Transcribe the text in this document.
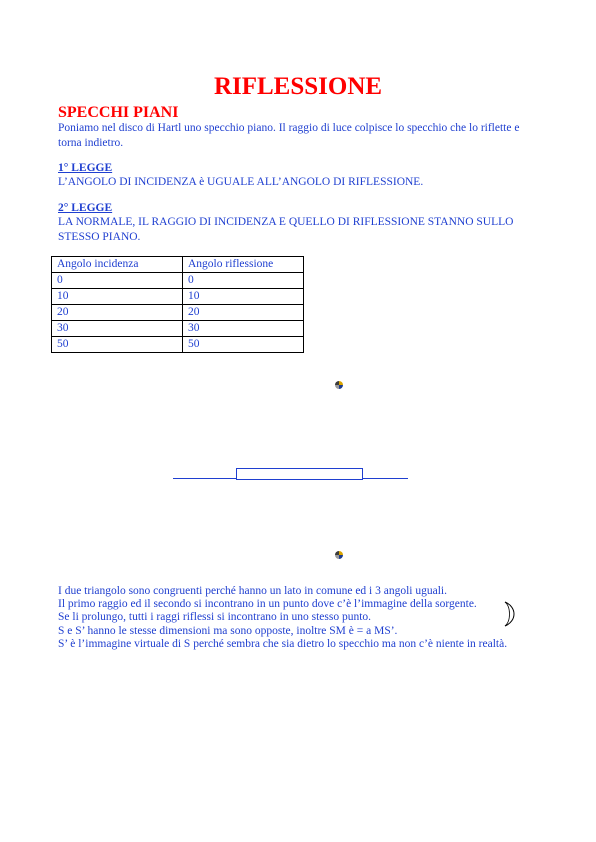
RIFLESSIONE
SPECCHI PIANI
Poniamo nel disco di Hartl uno specchio piano. Il raggio di luce colpisce lo specchio che lo riflette e
torna indietro.
1° LEGGE
L’ANGOLO DI INCIDENZA è UGUALE ALL’ANGOLO DI RIFLESSIONE.
2° LEGGE
LA NORMALE, IL RAGGIO DI INCIDENZA E QUELLO DI RIFLESSIONE STANNO SULLO
STESSO PIANO.
Angolo incidenza	Angolo riflessione
0	0
10	10
20	20
30	30
50	50
I due triangolo sono congruenti perché hanno un lato in comune ed i 3 angoli uguali.
Il primo raggio ed il secondo si incontrano in un punto dove c’è l’immagine della sorgente.
Se li prolungo, tutti i raggi riflessi si incontrano in uno stesso punto.
S e S’ hanno le stesse dimensioni ma sono opposte, inoltre SM è = a MS’.
S’ è l’immagine virtuale di S perché sembra che sia dietro lo specchio ma non c’è niente in realtà.
